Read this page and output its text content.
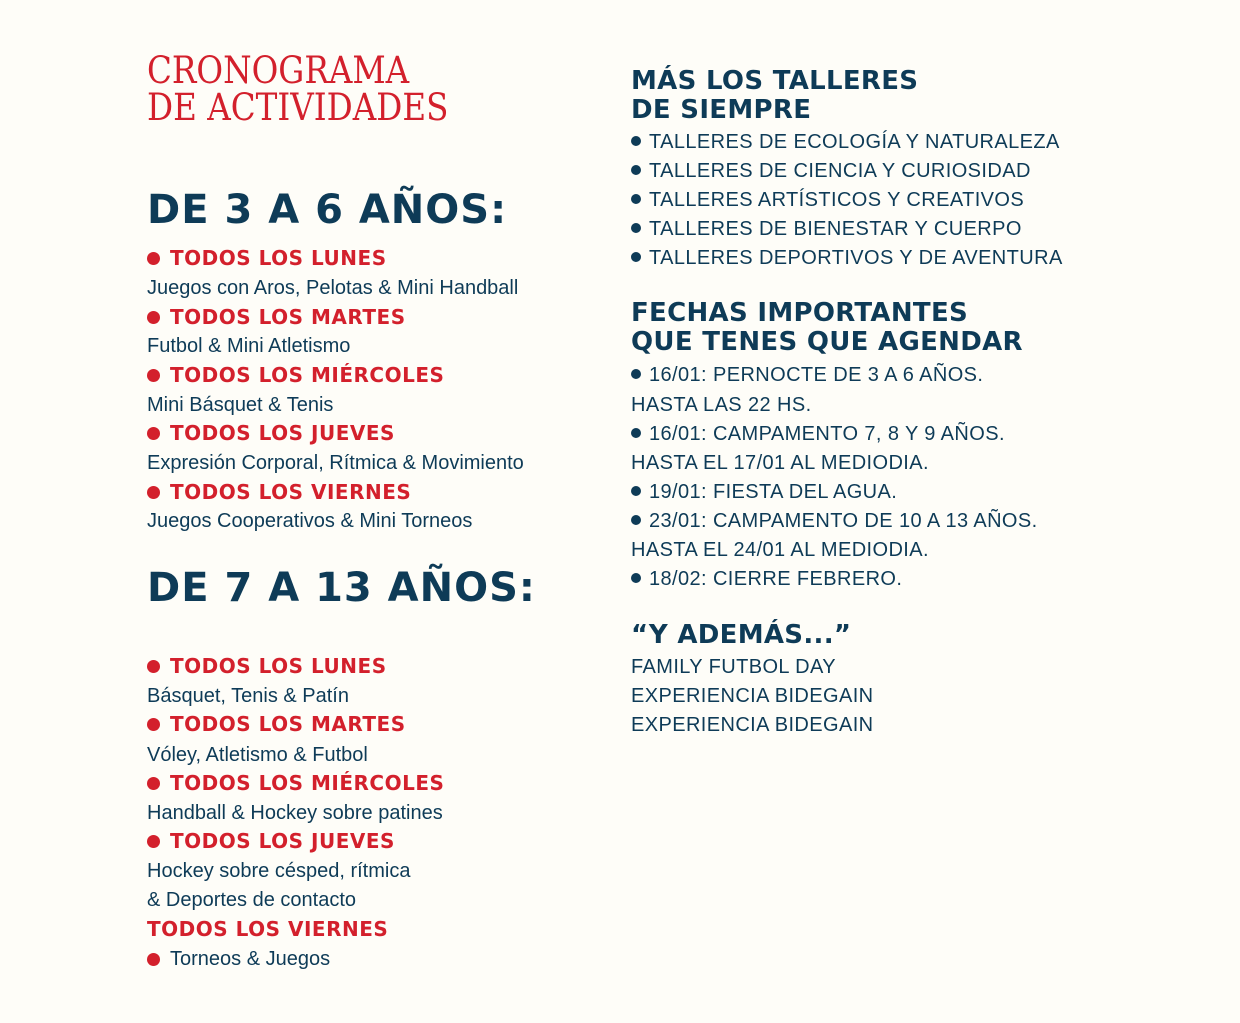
CRONOGRAMA
DE ACTIVIDADES
DE 3 A 6 AÑOS:
TODOS LOS LUNES
Juegos con Aros, Pelotas & Mini Handball
TODOS LOS MARTES
Futbol & Mini Atletismo
TODOS LOS MIÉRCOLES
Mini Básquet & Tenis
TODOS LOS JUEVES
Expresión Corporal, Rítmica & Movimiento
TODOS LOS VIERNES
Juegos Cooperativos & Mini Torneos
DE 7 A 13 AÑOS:
TODOS LOS LUNES
Básquet, Tenis & Patín
TODOS LOS MARTES
Vóley, Atletismo & Futbol
TODOS LOS MIÉRCOLES
Handball & Hockey sobre patines
TODOS LOS JUEVES
Hockey sobre césped, rítmica
& Deportes de contacto
TODOS LOS VIERNES
Torneos & Juegos
MÁS LOS TALLERES
DE SIEMPRE
TALLERES DE ECOLOGÍA Y NATURALEZA
TALLERES DE CIENCIA Y CURIOSIDAD
TALLERES ARTÍSTICOS Y CREATIVOS
TALLERES DE BIENESTAR Y CUERPO
TALLERES DEPORTIVOS Y DE AVENTURA
FECHAS IMPORTANTES
QUE TENES QUE AGENDAR
16/01: PERNOCTE DE 3 A 6 AÑOS.
HASTA LAS 22 HS.
16/01: CAMPAMENTO 7, 8 Y 9 AÑOS.
HASTA EL 17/01 AL MEDIODIA.
19/01: FIESTA DEL AGUA.
23/01: CAMPAMENTO DE 10 A 13 AÑOS.
HASTA EL 24/01 AL MEDIODIA.
18/02: CIERRE FEBRERO.
“Y ADEMÁS...”
FAMILY FUTBOL DAY
EXPERIENCIA BIDEGAIN
EXPERIENCIA BIDEGAIN
